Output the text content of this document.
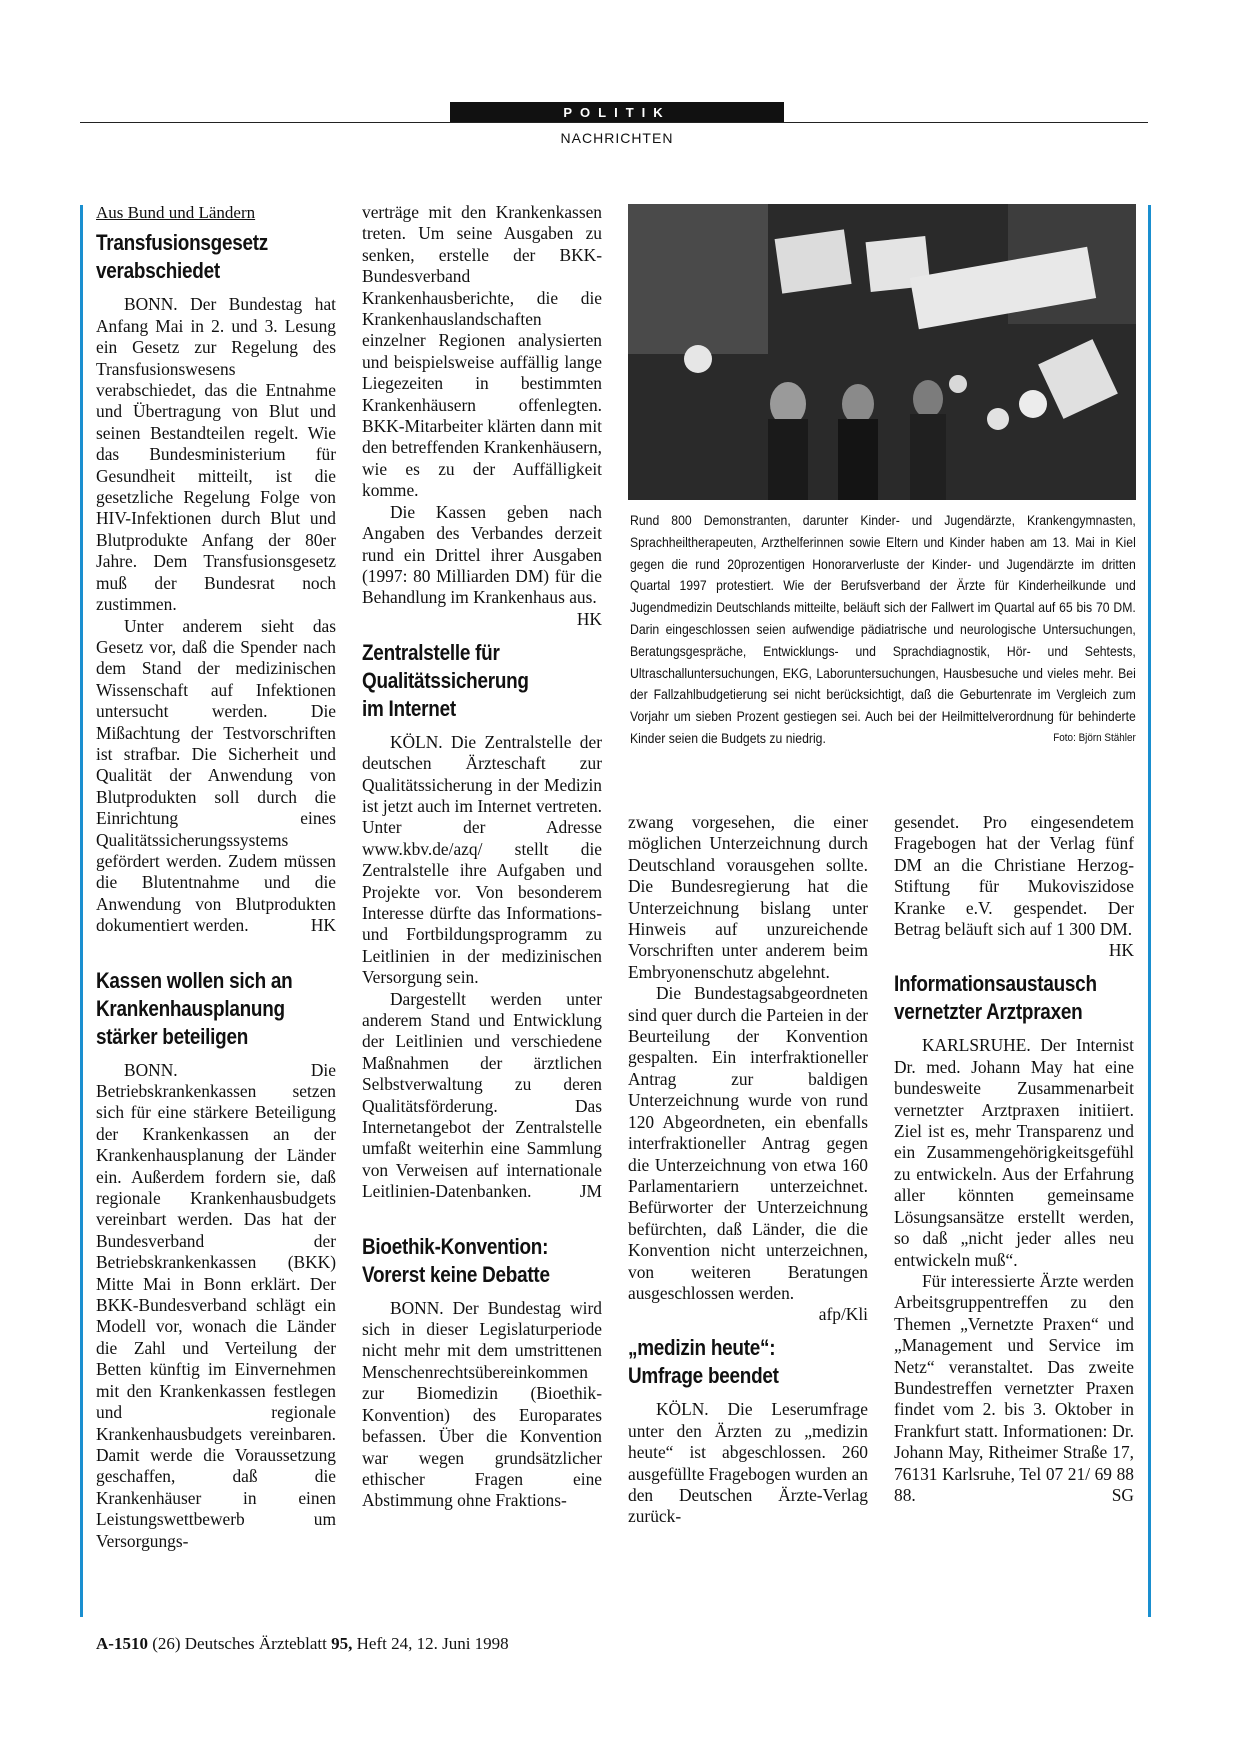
POLITIK
NACHRICHTEN
Aus Bund und Ländern
Transfusionsgesetz
verabschiedet

BONN. Der Bundestag hat Anfang Mai in 2. und 3. Lesung ein Gesetz zur Regelung des Transfusionswesens verabschiedet, das die Entnahme und Übertragung von Blut und seinen Bestandteilen regelt. Wie das Bundesministerium für Gesundheit mitteilt, ist die gesetzliche Regelung Folge von HIV-Infektionen durch Blut und Blutprodukte Anfang der 80er Jahre. Dem Transfusionsgesetz muß der Bundesrat noch zustimmen.

Unter anderem sieht das Gesetz vor, daß die Spender nach dem Stand der medizinischen Wissenschaft auf Infektionen untersucht werden. Die Mißachtung der Testvorschriften ist strafbar. Die Sicherheit und Qualität der Anwendung von Blutprodukten soll durch die Einrichtung eines Qualitätssicherungssystems gefördert werden. Zudem müssen die Blutentnahme und die Anwendung von Blutprodukten dokumentiert werden.	HK

Kassen wollen sich an
Krankenhausplanung
stärker beteiligen

BONN. Die Betriebskrankenkassen setzen sich für eine stärkere Beteiligung der Krankenkassen an der Krankenhausplanung der Länder ein. Außerdem fordern sie, daß regionale Krankenhausbudgets vereinbart werden. Das hat der Bundesverband der Betriebskrankenkassen (BKK) Mitte Mai in Bonn erklärt. Der BKK-Bundesverband schlägt ein Modell vor, wonach die Länder die Zahl und Verteilung der Betten künftig im Einvernehmen mit den Krankenkassen festlegen und regionale Krankenhausbudgets vereinbaren. Damit werde die Voraussetzung geschaffen, daß die Krankenhäuser in einen Leistungswettbewerb um Versorgungs-

verträge mit den Krankenkassen treten. Um seine Ausgaben zu senken, erstelle der BKK-Bundesverband Krankenhausberichte, die die Krankenhauslandschaften einzelner Regionen analysierten und beispielsweise auffällig lange Liegezeiten in bestimmten Krankenhäusern offenlegten. BKK-Mitarbeiter klärten dann mit den betreffenden Krankenhäusern, wie es zu der Auffälligkeit komme.

Die Kassen geben nach Angaben des Verbandes derzeit rund ein Drittel ihrer Ausgaben (1997: 80 Milliarden DM) für die Behandlung im Krankenhaus aus.
HK

Zentralstelle für
Qualitätssicherung
im Internet

KÖLN. Die Zentralstelle der deutschen Ärzteschaft zur Qualitätssicherung in der Medizin ist jetzt auch im Internet vertreten. Unter der Adresse www.kbv.de/azq/ stellt die Zentralstelle ihre Aufgaben und Projekte vor. Von besonderem Interesse dürfte das Informations- und Fortbildungsprogramm zu Leitlinien in der medizinischen Versorgung sein.

Dargestellt werden unter anderem Stand und Entwicklung der Leitlinien und verschiedene Maßnahmen der ärztlichen Selbstverwaltung zu deren Qualitätsförderung. Das Internetangebot der Zentralstelle umfaßt weiterhin eine Sammlung von Verweisen auf internationale Leitlinien-Datenbanken.	JM

Bioethik-Konvention:
Vorerst keine Debatte

BONN. Der Bundestag wird sich in dieser Legislaturperiode nicht mehr mit dem umstrittenen Menschenrechtsübereinkommen zur Biomedizin (Bioethik-Konvention) des Europarates befassen. Über die Konvention war wegen grundsätzlicher ethischer Fragen eine Abstimmung ohne Fraktions-

Rund 800 Demonstranten, darunter Kinder- und Jugendärzte, Krankengymnasten, Sprachheiltherapeuten, Arzthelferinnen sowie Eltern und Kinder haben am 13. Mai in Kiel gegen die rund 20prozentigen Honorarverluste der Kinder- und Jugendärzte im dritten Quartal 1997 protestiert. Wie der Berufsverband der Ärzte für Kinderheilkunde und Jugendmedizin Deutschlands mitteilte, beläuft sich der Fallwert im Quartal auf 65 bis 70 DM. Darin eingeschlossen seien aufwendige pädiatrische und neurologische Untersuchungen, Beratungsgespräche, Entwicklungs- und Sprachdiagnostik, Hör- und Sehtests, Ultraschalluntersuchungen, EKG, Laboruntersuchungen, Hausbesuche und vieles mehr. Bei der Fallzahlbudgetierung sei nicht berücksichtigt, daß die Geburtenrate im Vergleich zum Vorjahr um sieben Prozent gestiegen sei. Auch bei der Heilmittelverordnung für behinderte Kinder seien die Budgets zu niedrig.	Foto: Björn Stähler

zwang vorgesehen, die einer möglichen Unterzeichnung durch Deutschland vorausgehen sollte. Die Bundesregierung hat die Unterzeichnung bislang unter Hinweis auf unzureichende Vorschriften unter anderem beim Embryonenschutz abgelehnt.

Die Bundestagsabgeordneten sind quer durch die Parteien in der Beurteilung der Konvention gespalten. Ein interfraktioneller Antrag zur baldigen Unterzeichnung wurde von rund 120 Abgeordneten, ein ebenfalls interfraktioneller Antrag gegen die Unterzeichnung von etwa 160 Parlamentariern unterzeichnet. Befürworter der Unterzeichnung befürchten, daß Länder, die die Konvention nicht unterzeichnen, von weiteren Beratungen ausgeschlossen werden.
afp/Kli

„medizin heute“:
Umfrage beendet

KÖLN. Die Leserumfrage unter den Ärzten zu „medizin heute“ ist abgeschlossen. 260 ausgefüllte Fragebogen wurden an den Deutschen Ärzte-Verlag zurück-

gesendet. Pro eingesendetem Fragebogen hat der Verlag fünf DM an die Christiane Herzog-Stiftung für Mukoviszidose Kranke e.V. gespendet. Der Betrag beläuft sich auf 1 300 DM.
HK

Informationsaustausch
vernetzter Arztpraxen

KARLSRUHE. Der Internist Dr. med. Johann May hat eine bundesweite Zusammenarbeit vernetzter Arztpraxen initiiert. Ziel ist es, mehr Transparenz und ein Zusammengehörigkeitsgefühl zu entwickeln. Aus der Erfahrung aller könnten gemeinsame Lösungsansätze erstellt werden, so daß „nicht jeder alles neu entwickeln muß“.

Für interessierte Ärzte werden Arbeitsgruppentreffen zu den Themen „Vernetzte Praxen“ und „Management und Service im Netz“ veranstaltet. Das zweite Bundestreffen vernetzter Praxen findet vom 2. bis 3. Oktober in Frankfurt statt. Informationen: Dr. Johann May, Ritheimer Straße 17, 76131 Karlsruhe, Tel 07 21/ 69 88 88.	SG

A-1510 (26) Deutsches Ärzteblatt 95, Heft 24, 12. Juni 1998
